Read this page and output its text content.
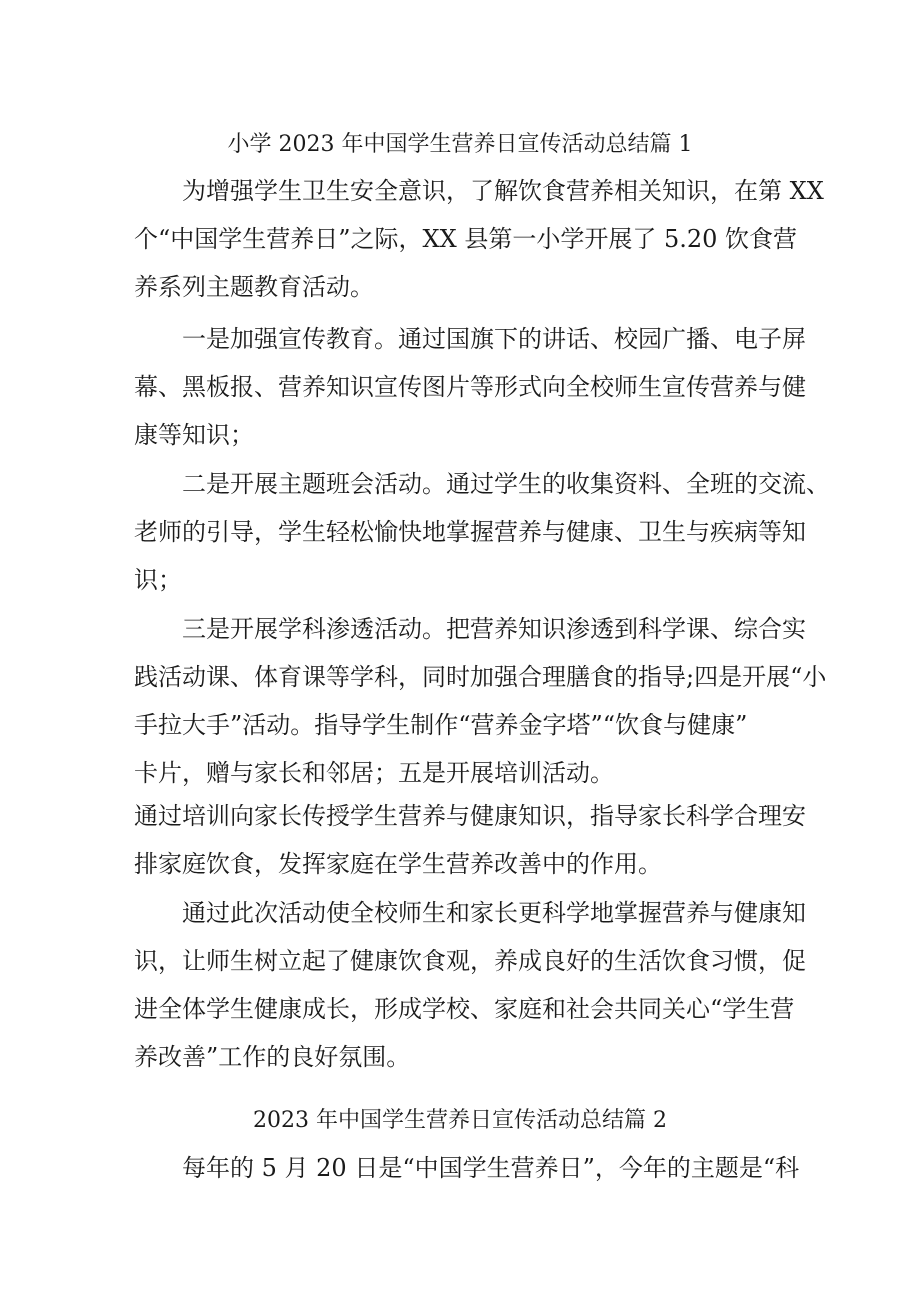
小学 2023 年中国学生营养日宣传活动总结篇 1
为增强学生卫生安全意识，了解饮食营养相关知识，在第 XX
个“中国学生营养日”之际，XX 县第一小学开展了 5.20 饮食营
养系列主题教育活动。
一是加强宣传教育。通过国旗下的讲话、校园广播、电子屏
幕、黑板报、营养知识宣传图片等形式向全校师生宣传营养与健
康等知识；
二是开展主题班会活动。通过学生的收集资料、全班的交流、
老师的引导，学生轻松愉快地掌握营养与健康、卫生与疾病等知
识；
三是开展学科渗透活动。把营养知识渗透到科学课、综合实
践活动课、体育课等学科，同时加强合理膳食的指导;四是开展“小
手拉大手”活动。指导学生制作“营养金字塔”“饮食与健康”
卡片，赠与家长和邻居；五是开展培训活动。
通过培训向家长传授学生营养与健康知识，指导家长科学合理安
排家庭饮食，发挥家庭在学生营养改善中的作用。
通过此次活动使全校师生和家长更科学地掌握营养与健康知
识，让师生树立起了健康饮食观，养成良好的生活饮食习惯，促
进全体学生健康成长，形成学校、家庭和社会共同关心“学生营
养改善”工作的良好氛围。
2023 年中国学生营养日宣传活动总结篇 2
每年的 5 月 20 日是“中国学生营养日”，今年的主题是“科
